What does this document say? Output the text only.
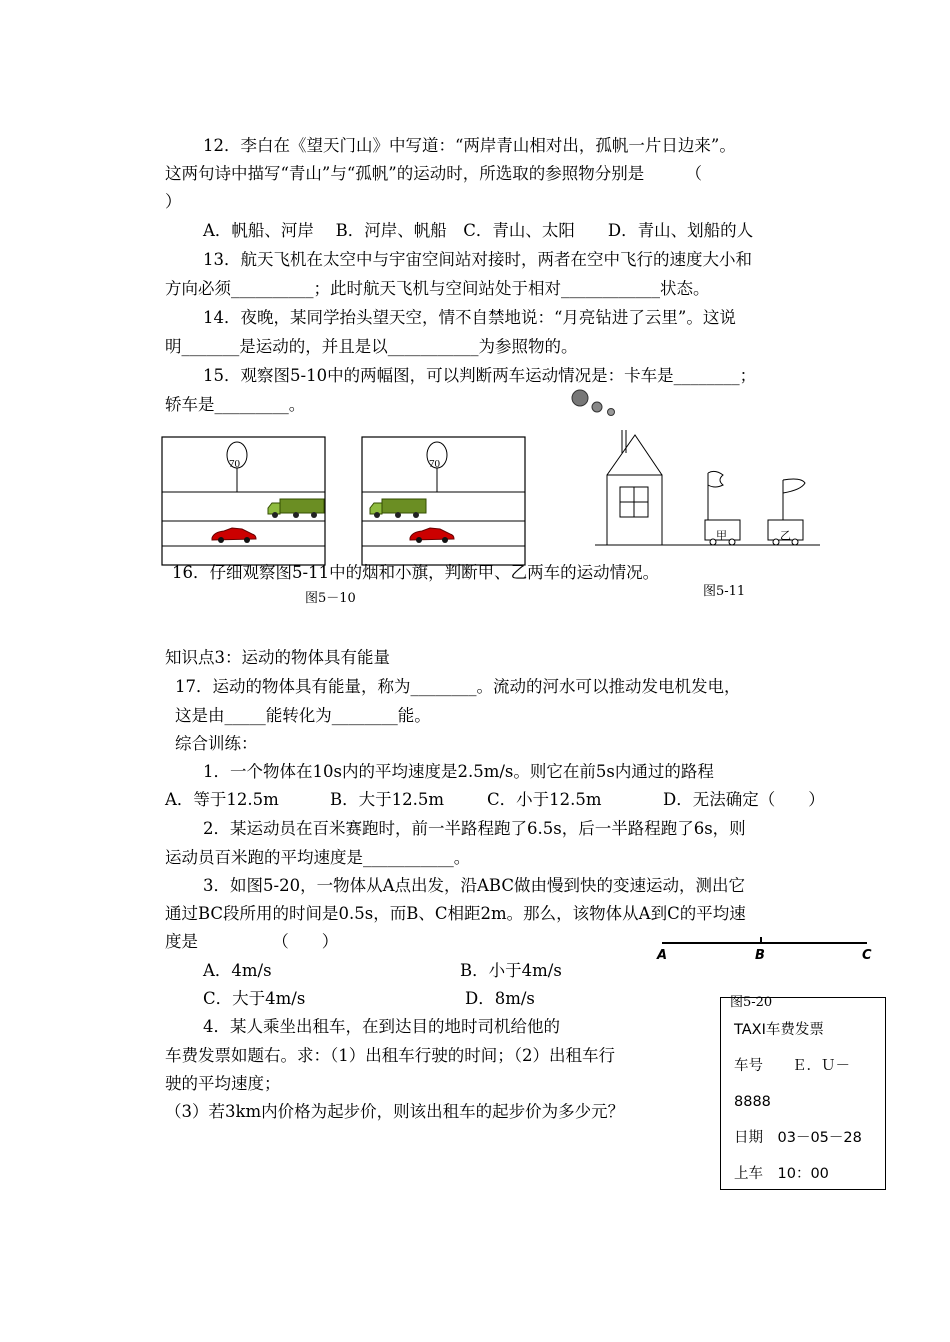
12．李白在《望天门山》中写道：“两岸青山相对出，孤帆一片日边来”。
这两句诗中描写“青山”与“孤帆”的运动时，所选取的参照物分别是　　　（
）
A．帆船、河岸　 B．河岸、帆船　C．青山、太阳　　D．青山、划船的人
13．航天飞机在太空中与宇宙空间站对接时，两者在空中飞行的速度大小和
方向必须__________；此时航天飞机与空间站处于相对____________状态。
14．夜晚，某同学抬头望天空，情不自禁地说：“月亮钻进了云里”。这说
明_______是运动的，并且是以___________为参照物的。
15．观察图5-10中的两幅图，可以判断两车运动情况是：卡车是________；
轿车是_________。
70	70
甲	乙
16．仔细观察图5-11中的烟和小旗，判断甲、乙两车的运动情况。
图5－10	图5-11
知识点3：运动的物体具有能量
17．运动的物体具有能量，称为________。流动的河水可以推动发电机发电，
这是由_____能转化为________能。
综合训练：
1．一个物体在10s内的平均速度是2.5m/s。则它在前5s内通过的路程
A．等于12.5m	B．大于12.5m	C．小于12.5m	D．无法确定（　　）
2．某运动员在百米赛跑时，前一半路程跑了6.5s，后一半路程跑了6s，则
运动员百米跑的平均速度是___________。
3．如图5-20，一物体从A点出发，沿ABC做由慢到快的变速运动，测出它
通过BC段所用的时间是0.5s，而B、C相距2m。那么，该物体从A到C的平均速
度是　　　　　（　　）
A．4m/s	B．小于4m/s
C．大于4m/s	D．8m/s
A	B	C
4．某人乘坐出租车，在到达目的地时司机给他的
车费发票如题右。求：（1）出租车行驶的时间；（2）出租车行
驶的平均速度；
（3）若3km内价格为起步价，则该出租车的起步价为多少元？
图5-20
TAXI车费发票
车号　　Ｅ．Ｕ－
8888
日期　03－05－28
上车　10：00
